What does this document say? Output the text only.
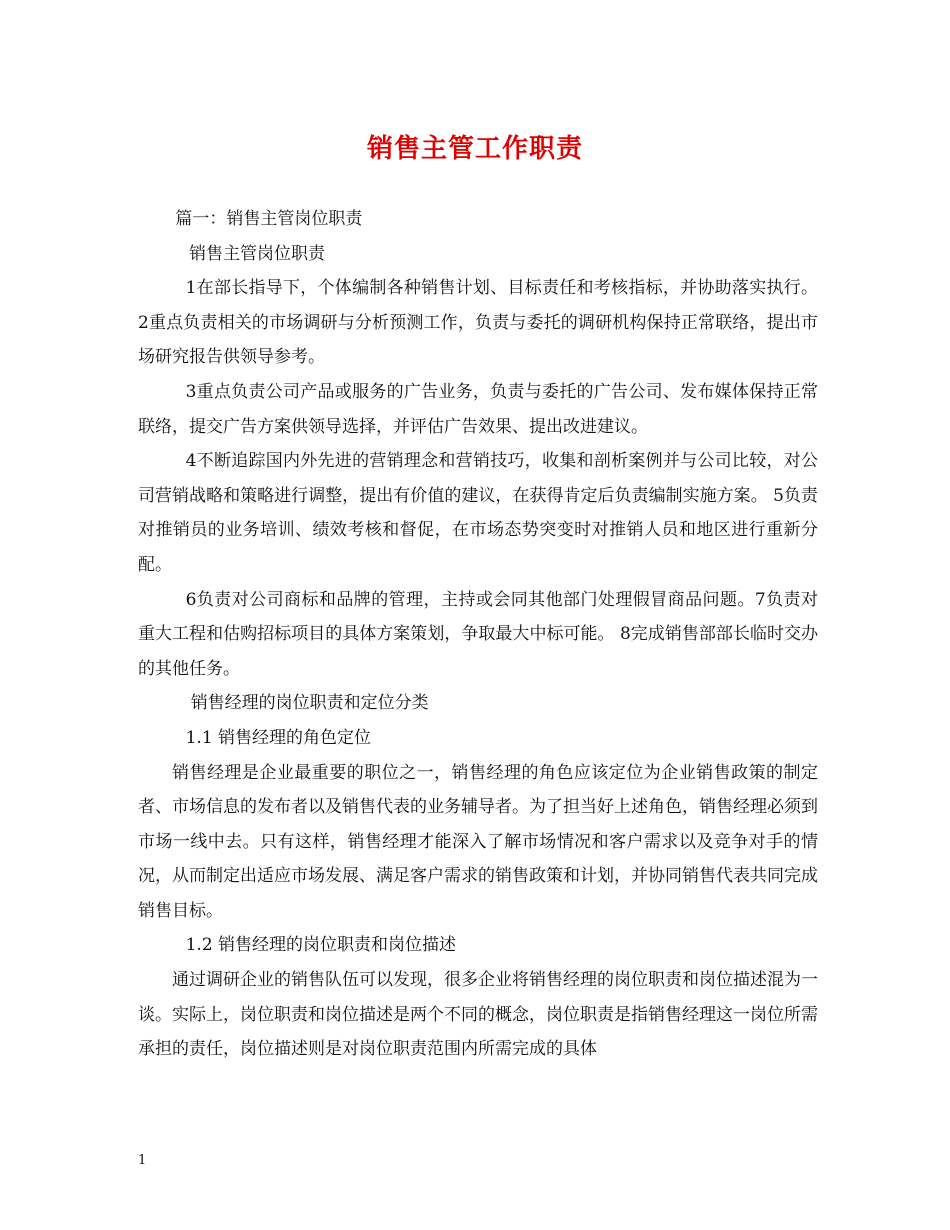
销售主管工作职责

篇一：销售主管岗位职责

销售主管岗位职责

1在部长指导下，个体编制各种销售计划、目标责任和考核指标，并协助落实执行。 2重点负责相关的市场调研与分析预测工作，负责与委托的调研机构保持正常联络，提出市场研究报告供领导参考。

3重点负责公司产品或服务的广告业务，负责与委托的广告公司、发布媒体保持正常联络，提交广告方案供领导选择，并评估广告效果、提出改进建议。

4不断追踪国内外先进的营销理念和营销技巧，收集和剖析案例并与公司比较，对公司营销战略和策略进行调整，提出有价值的建议，在获得肯定后负责编制实施方案。 5负责对推销员的业务培训、绩效考核和督促，在市场态势突变时对推销人员和地区进行重新分配。

6负责对公司商标和品牌的管理，主持或会同其他部门处理假冒商品问题。7负责对重大工程和估购招标项目的具体方案策划，争取最大中标可能。 8完成销售部部长临时交办的其他任务。

销售经理的岗位职责和定位分类

1.1 销售经理的角色定位

销售经理是企业最重要的职位之一，销售经理的角色应该定位为企业销售政策的制定者、市场信息的发布者以及销售代表的业务辅导者。为了担当好上述角色，销售经理必须到市场一线中去。只有这样，销售经理才能深入了解市场情况和客户需求以及竞争对手的情况，从而制定出适应市场发展、满足客户需求的销售政策和计划，并协同销售代表共同完成销售目标。

1.2 销售经理的岗位职责和岗位描述

通过调研企业的销售队伍可以发现，很多企业将销售经理的岗位职责和岗位描述混为一谈。实际上，岗位职责和岗位描述是两个不同的概念，岗位职责是指销售经理这一岗位所需承担的责任，岗位描述则是对岗位职责范围内所需完成的具体

1
